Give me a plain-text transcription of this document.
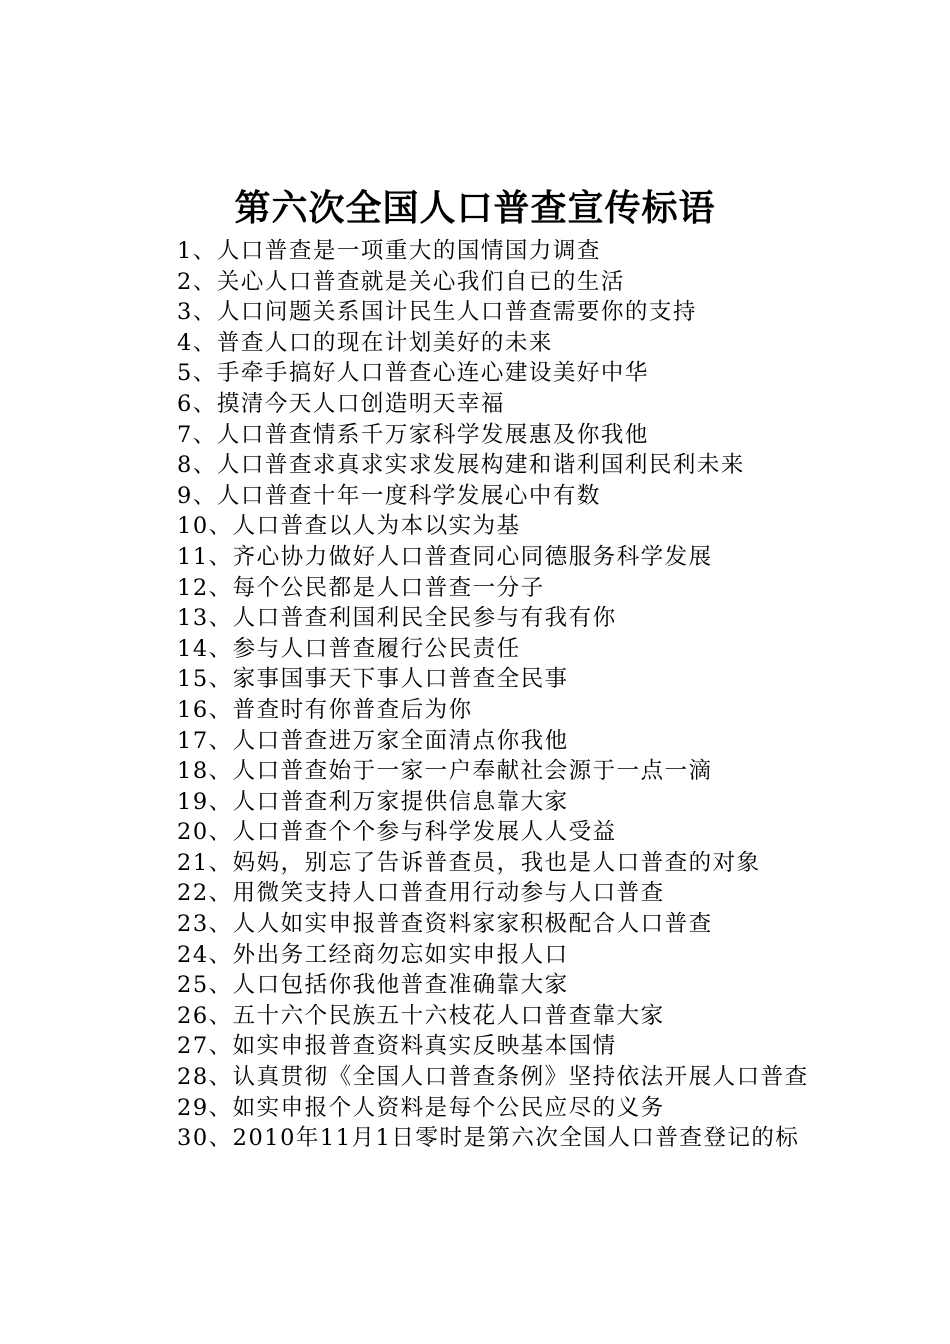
第六次全国人口普查宣传标语
1、人口普查是一项重大的国情国力调查
2、关心人口普查就是关心我们自已的生活
3、人口问题关系国计民生人口普查需要你的支持
4、普查人口的现在计划美好的未来
5、手牵手搞好人口普查心连心建设美好中华
6、摸清今天人口创造明天幸福
7、人口普查情系千万家科学发展惠及你我他
8、人口普查求真求实求发展构建和谐利国利民利未来
9、人口普查十年一度科学发展心中有数
10、人口普查以人为本以实为基
11、齐心协力做好人口普查同心同德服务科学发展
12、每个公民都是人口普查一分子
13、人口普查利国利民全民参与有我有你
14、参与人口普查履行公民责任
15、家事国事天下事人口普查全民事
16、普查时有你普查后为你
17、人口普查进万家全面清点你我他
18、人口普查始于一家一户奉献社会源于一点一滴
19、人口普查利万家提供信息靠大家
20、人口普查个个参与科学发展人人受益
21、妈妈，别忘了告诉普查员，我也是人口普查的对象
22、用微笑支持人口普查用行动参与人口普查
23、人人如实申报普查资料家家积极配合人口普查
24、外出务工经商勿忘如实申报人口
25、人口包括你我他普查准确靠大家
26、五十六个民族五十六枝花人口普查靠大家
27、如实申报普查资料真实反映基本国情
28、认真贯彻《全国人口普查条例》坚持依法开展人口普查
29、如实申报个人资料是每个公民应尽的义务
30、2010年11月1日零时是第六次全国人口普查登记的标
